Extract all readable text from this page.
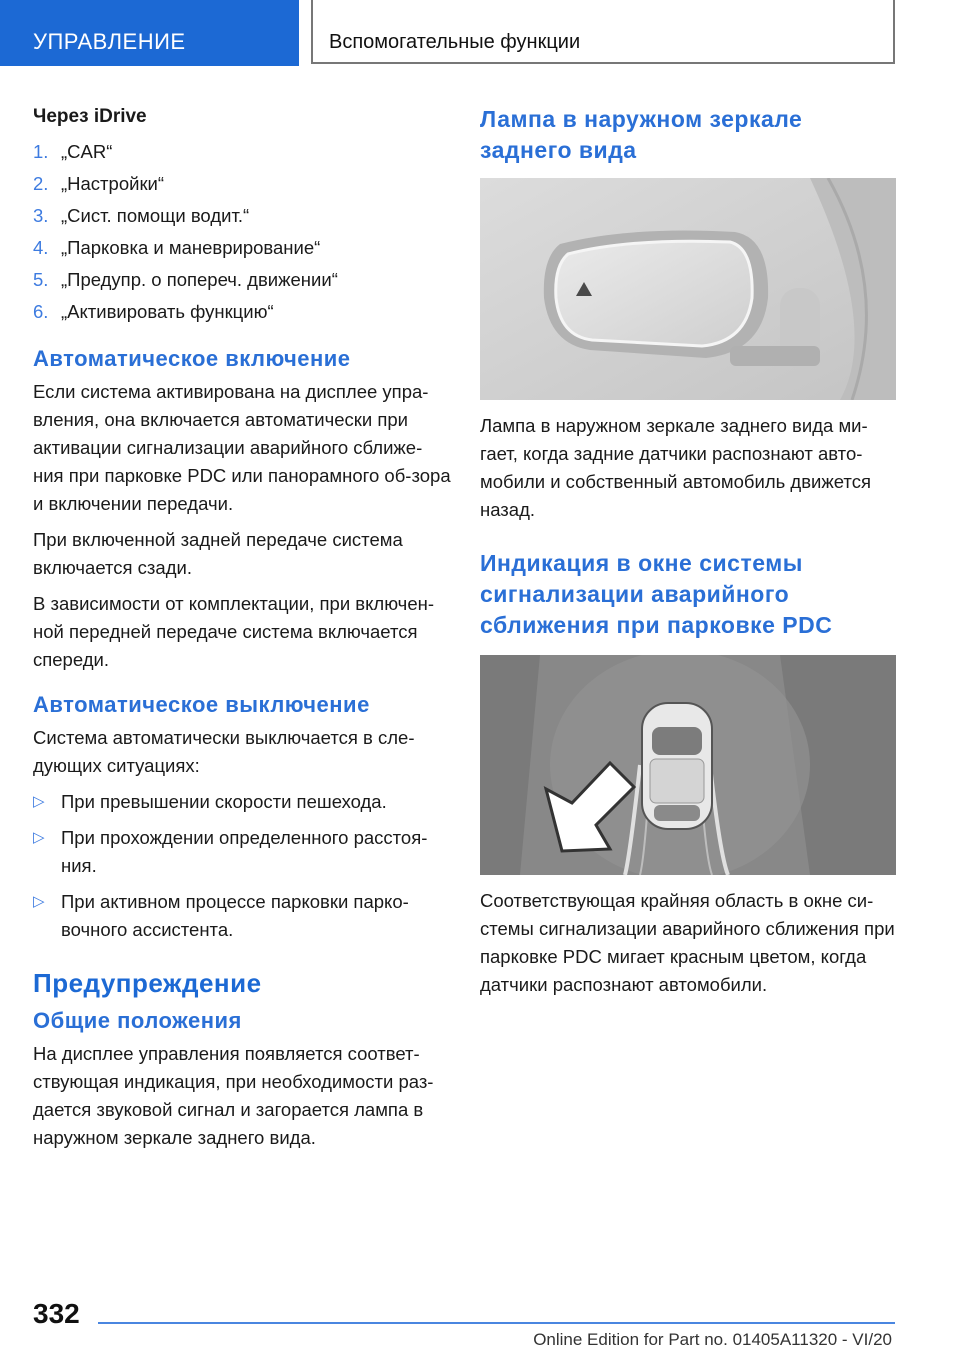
УПРАВЛЕНИЕ	Вспомогательные функции
Через iDrive
1. „CAR“
2. „Настройки“
3. „Сист. помощи водит.“
4. „Парковка и маневрирование“
5. „Предупр. о попереч. движении“
6. „Активировать функцию“
Автоматическое включение

Если система активирована на дисплее упра-вления, она включается автоматически при активации сигнализации аварийного сближе-ния при парковке PDC или панорамного об-зора и включении передачи.

При включенной задней передаче система включается сзади.

В зависимости от комплектации, при включен-ной передней передаче система включается спереди.

Автоматическое выключение

Система автоматически выключается в сле-дующих ситуациях:

▷ При превышении скорости пешехода.
▷ При прохождении определенного расстоя-ния.
▷ При активном процессе парковки парко-вочного ассистента.
Предупреждение
Общие положения

На дисплее управления появляется соответ-ствующая индикация, при необходимости раз-дается звуковой сигнал и загорается лампа в наружном зеркале заднего вида.

Лампа в наружном зеркале заднего вида

Лампа в наружном зеркале заднего вида ми-гает, когда задние датчики распознают авто-мобили и собственный автомобиль движется назад.

Индикация в окне системы сигнализации аварийного сближения при парковке PDC

Соответствующая крайняя область в окне си-стемы сигнализации аварийного сближения при парковке PDC мигает красным цветом, когда датчики распознают автомобили.

332
Online Edition for Part no. 01405A11320 - VI/20
